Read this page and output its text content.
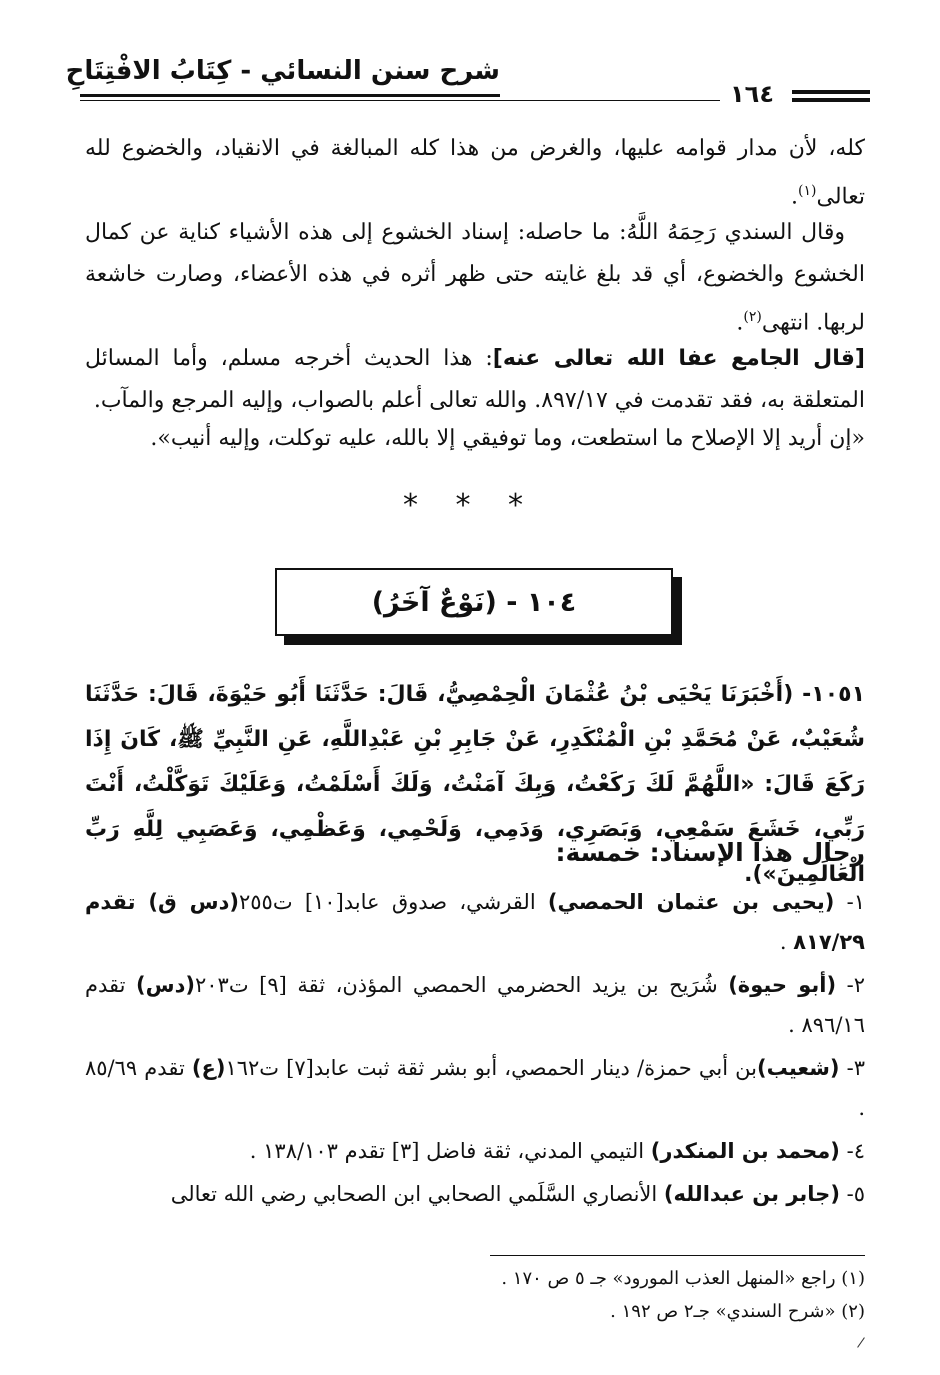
شرح سنن النسائي - كِتَابُ الافْتِتَاحِ
١٦٤

كله، لأن مدار قوامه عليها، والغرض من هذا كله المبالغة في الانقياد، والخضوع لله تعالى$^{(١)}$.

وقال السندي رَحِمَهُ اللَّهُ: ما حاصله: إسناد الخشوع إلى هذه الأشياء كناية عن كمال الخشوع والخضوع، أي قد بلغ غايته حتى ظهر أثره في هذه الأعضاء، وصارت خاشعة لربها. انتهى$^{(٢)}$.

[قال الجامع عفا الله تعالى عنه]: هذا الحديث أخرجه مسلم، وأما المسائل المتعلقة به، فقد تقدمت في ٨٩٧/١٧. والله تعالى أعلم بالصواب، وإليه المرجع والمآب.

«إن أريد إلا الإصلاح ما استطعت، وما توفيقي إلا بالله، عليه توكلت، وإليه أنيب».

* * *
١٠٤ - (نَوْعٌ آخَرُ)

١٠٥١- (أَخْبَرَنَا يَحْيَى بْنُ عُثْمَانَ الْحِمْصِيُّ، قَالَ: حَدَّثَنَا أَبُو حَيْوَةَ، قَالَ: حَدَّثَنَا شُعَيْبٌ، عَنْ مُحَمَّدِ بْنِ الْمُنْكَدِرِ، عَنْ جَابِرِ بْنِ عَبْدِاللَّهِ، عَنِ النَّبِيِّ ﷺ، كَانَ إِذَا رَكَعَ قَالَ: «اللَّهُمَّ لَكَ رَكَعْتُ، وَبِكَ آمَنْتُ، وَلَكَ أَسْلَمْتُ، وَعَلَيْكَ تَوَكَّلْتُ، أَنْتَ رَبِّي، خَشَعَ سَمْعِي، وَبَصَرِي، وَدَمِي، وَلَحْمِي، وَعَظْمِي، وَعَصَبِي لِلَّهِ رَبِّ الْعَالَمِينَ»).

رجال هذا الإسناد: خمسة:
١- (يحيى بن عثمان الحمصي) القرشي، صدوق عابد[١٠] ت٢٥٥(دس ق) تقدم ٨١٧/٢٩ .
٢- (أبو حيوة) شُرَيح بن يزيد الحضرمي الحمصي المؤذن، ثقة [٩] ت٢٠٣(دس) تقدم ٨٩٦/١٦ .
٣- (شعيب)بن أبي حمزة/ دينار الحمصي، أبو بشر ثقة ثبت عابد[٧] ت١٦٢(ع) تقدم ٨٥/٦٩ .
٤- (محمد بن المنكدر) التيمي المدني، ثقة فاضل [٣] تقدم ١٣٨/١٠٣ .
٥- (جابر بن عبدالله) الأنصاري السَّلَمي الصحابي ابن الصحابي رضي الله تعالى
(١) راجع «المنهل العذب المورود» جـ ٥ ص ١٧٠ .
(٢) «شرح السندي» جـ٢ ص ١٩٢ .
